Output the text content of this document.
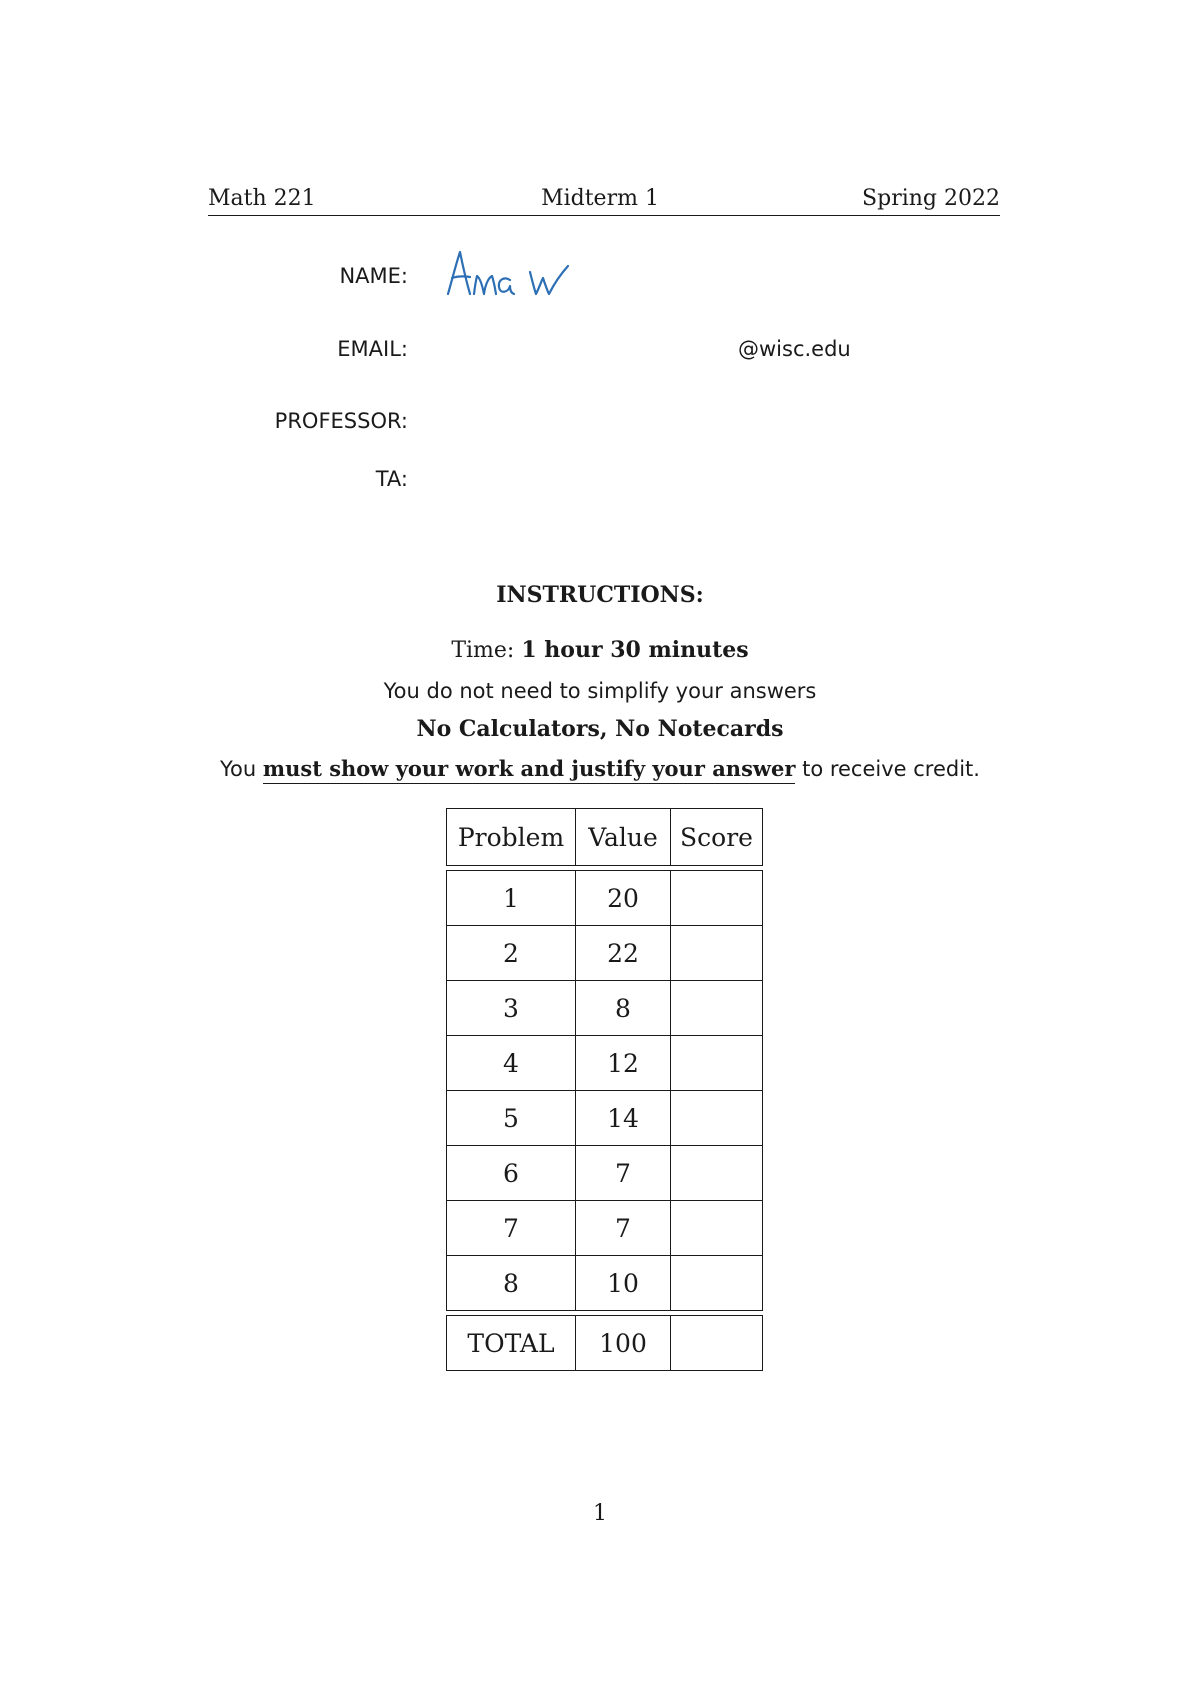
Math 221	Midterm 1	Spring 2022
NAME:
EMAIL:	@wisc.edu
PROFESSOR:
TA:
INSTRUCTIONS:
Time: 1 hour 30 minutes
You do not need to simplify your answers
No Calculators, No Notecards
You must show your work and justify your answer to receive credit.
Problem	Value	Score

1	20	
2	22	
3	8	
4	12	
5	14	
6	7	
7	7	
8	10	

TOTAL	100	
1
